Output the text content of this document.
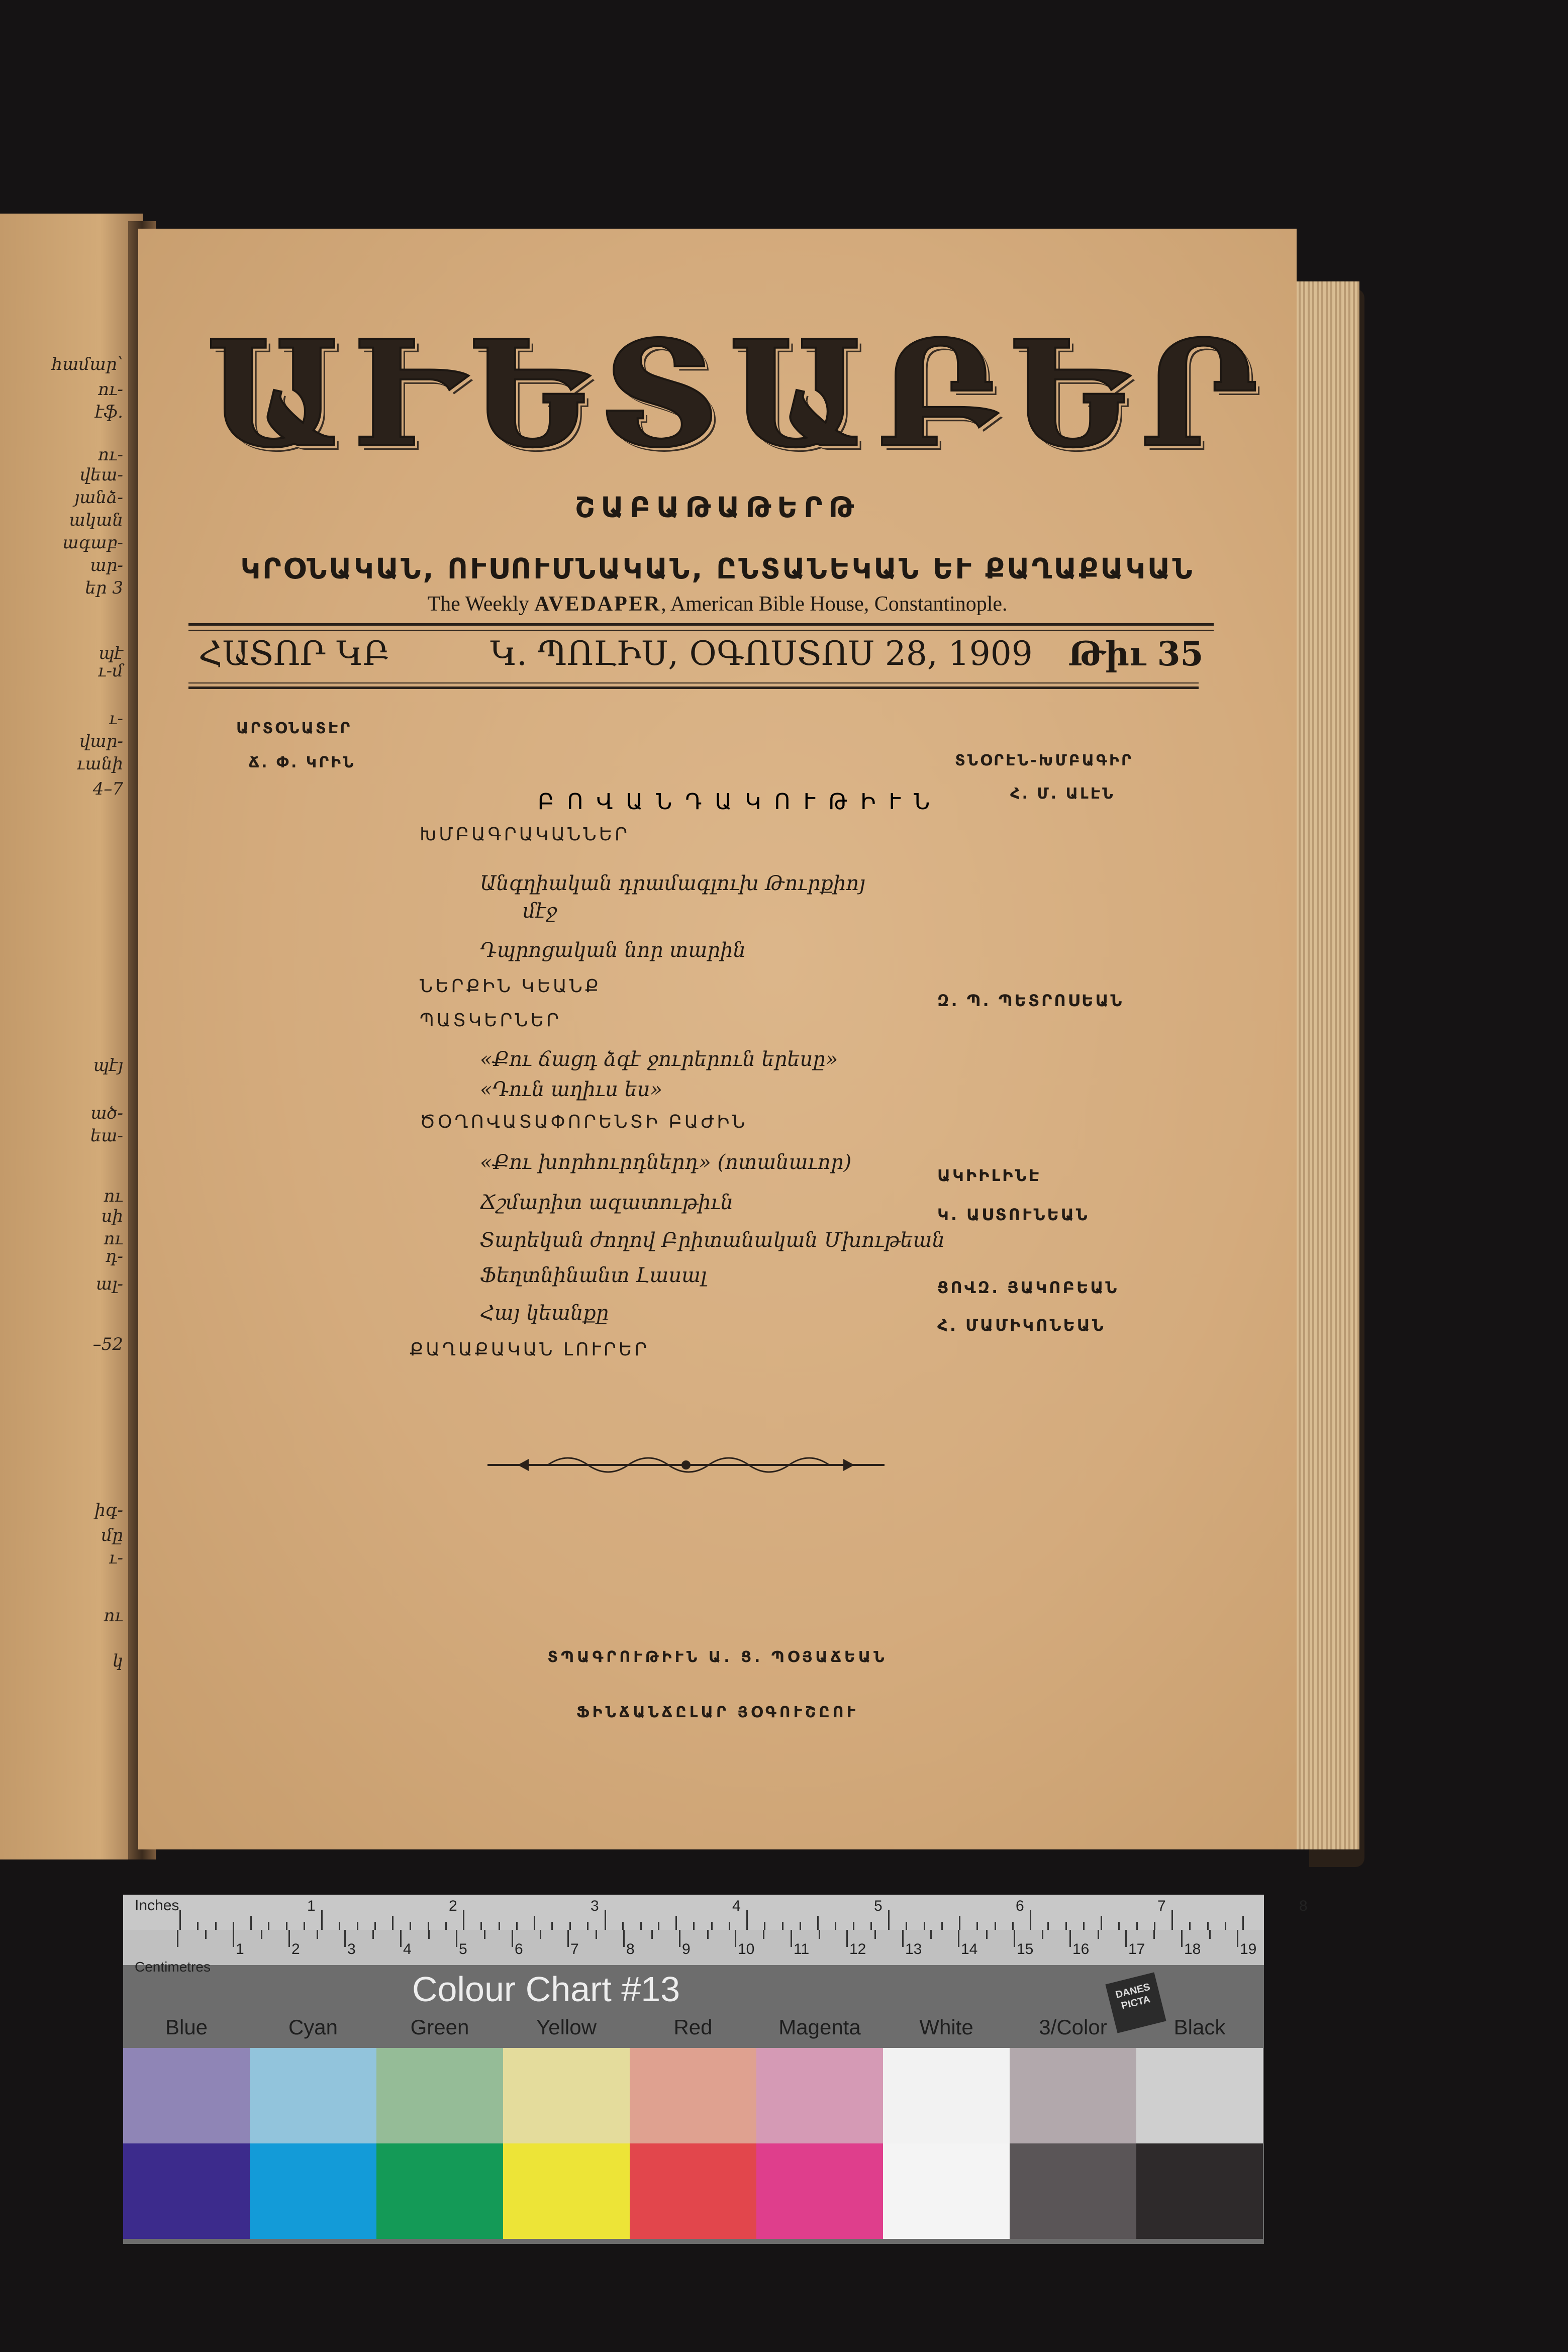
համար՝
ու-
էֆ.
ու-
վեա-
յանձ-
ական
ագաբ-
ար-
եր 3
պէ
ւ-մ
ւ-
վար-
ւանի
4–7
պէյ
ած-
եա-
ու
սի
ու
դ-
ալ-
–52
իգ-
մը
ւ-
ու
կ
ԱՒԵՏԱԲԵՐ
ՇԱԲԱԹԱԹԵՐԹ
ԿՐՕՆԱԿԱՆ, ՈՒՍՈՒՄՆԱԿԱՆ, ԸՆՏԱՆԵԿԱՆ ԵՒ ՔԱՂԱՔԱԿԱՆ
The Weekly AVEDAPER, American Bible House, Constantinople.
ՀԱՏՈՐ ԿԲ	Կ. ՊՈԼԻՍ, ՕԳՈՍՏՈՍ 28, 1909 Թիւ 35
ԱՐՏՕՆԱՏԷՐ
Ճ. Փ. ԿՐԻՆ	ՏՆՕՐԷՆ-ԽՄԲԱԳԻՐ
Հ. Մ. ԱԼԷՆ
ԲՈՎԱՆԴԱԿՈՒԹԻՒՆ
ԽՄԲԱԳՐԱԿԱՆՆԵՐ
Անգղիական դրամագլուխ Թուրքիոյ
մէջ
Դպրոցական նոր տարին
ՆԵՐՔԻՆ ԿԵԱՆՔ
Զ. Պ. ՊԵՏՐՈՍԵԱՆ
ՊԱՏԿԵՐՆԵՐ
«Քու ճացդ ձգէ ջուրերուն երեսը»
«Դուն աղիւս ես»
ԾՕՂՈՎԱՏԱՓՈՐԵՆՏԻ ԲԱԺԻՆ
«Քու խորհուրդներդ» (ոտանաւոր)
ԱԿԻԻԼԻՆԷ
Ճշմարիտ ազատութիւն
Կ. ԱՍՏՈՒՆԵԱՆ
Տարեկան ժողով Բրիտանական Մխութեան
Ֆեղտնինանտ Լասալ
ՑՈՎԶ. ՅԱԿՈԲԵԱՆ
Հայ կեանքը
Հ. ՄԱՄԻԿՈՆԵԱՆ
ՔԱՂԱՔԱԿԱՆ ԼՈՒՐԵՐ
ՏՊԱԳՐՈՒԹԻՒՆ Ա. Ց. ՊՕՅԱՃԵԱՆ
ՖԻՆՃԱՆՃԸԼԱՐ ՅՕԳՈՒՇԸՈՒ
Inches
Centimetres
1	2	3	4	5	6	7	8
1	2	3	4	5	6	7	8	9	10	11	12	13	14	15	16	17	18	19
Colour Chart #13	DANES PICTA
Blue	Cyan	Green	Yellow	Red	Magenta	White	3/Color	Black
